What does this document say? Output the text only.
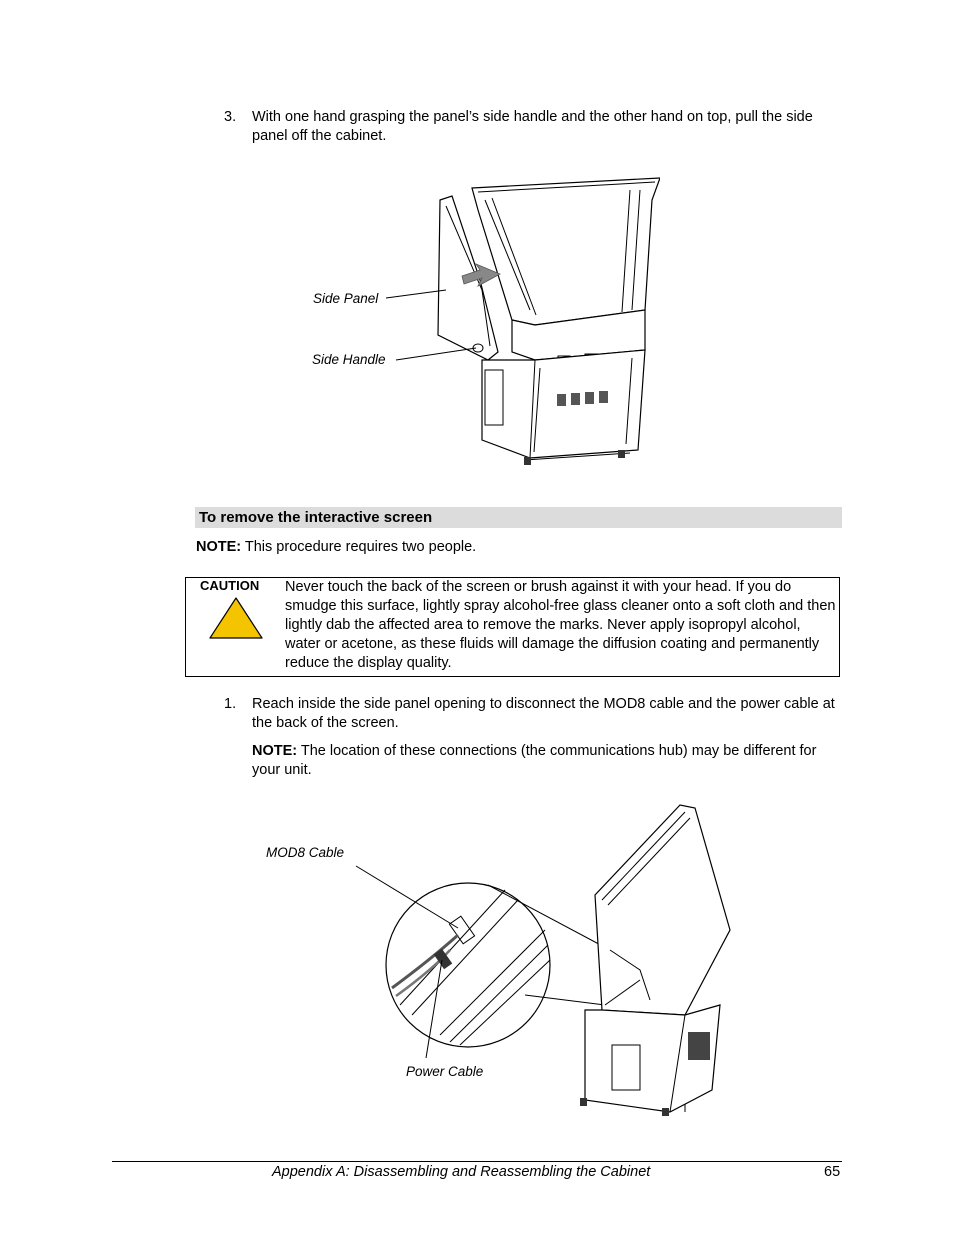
3.	With one hand grasping the panel’s side handle and the other hand on top, pull the side panel off the cabinet.
Side Panel
Side Handle
To remove the interactive screen
NOTE: This procedure requires two people.
CAUTION Never touch the back of the screen or brush against it with your head. If you do smudge this surface, lightly spray alcohol-free glass cleaner onto a soft cloth and then lightly dab the affected area to remove the marks. Never apply isopropyl alcohol, water or acetone, as these fluids will damage the diffusion coating and permanently reduce the display quality.
1.	Reach inside the side panel opening to disconnect the MOD8 cable and the power cable at the back of the screen.
NOTE: The location of these connections (the communications hub) may be different for your unit.
MOD8 Cable
Power Cable
Appendix A: Disassembling and Reassembling the Cabinet	65
